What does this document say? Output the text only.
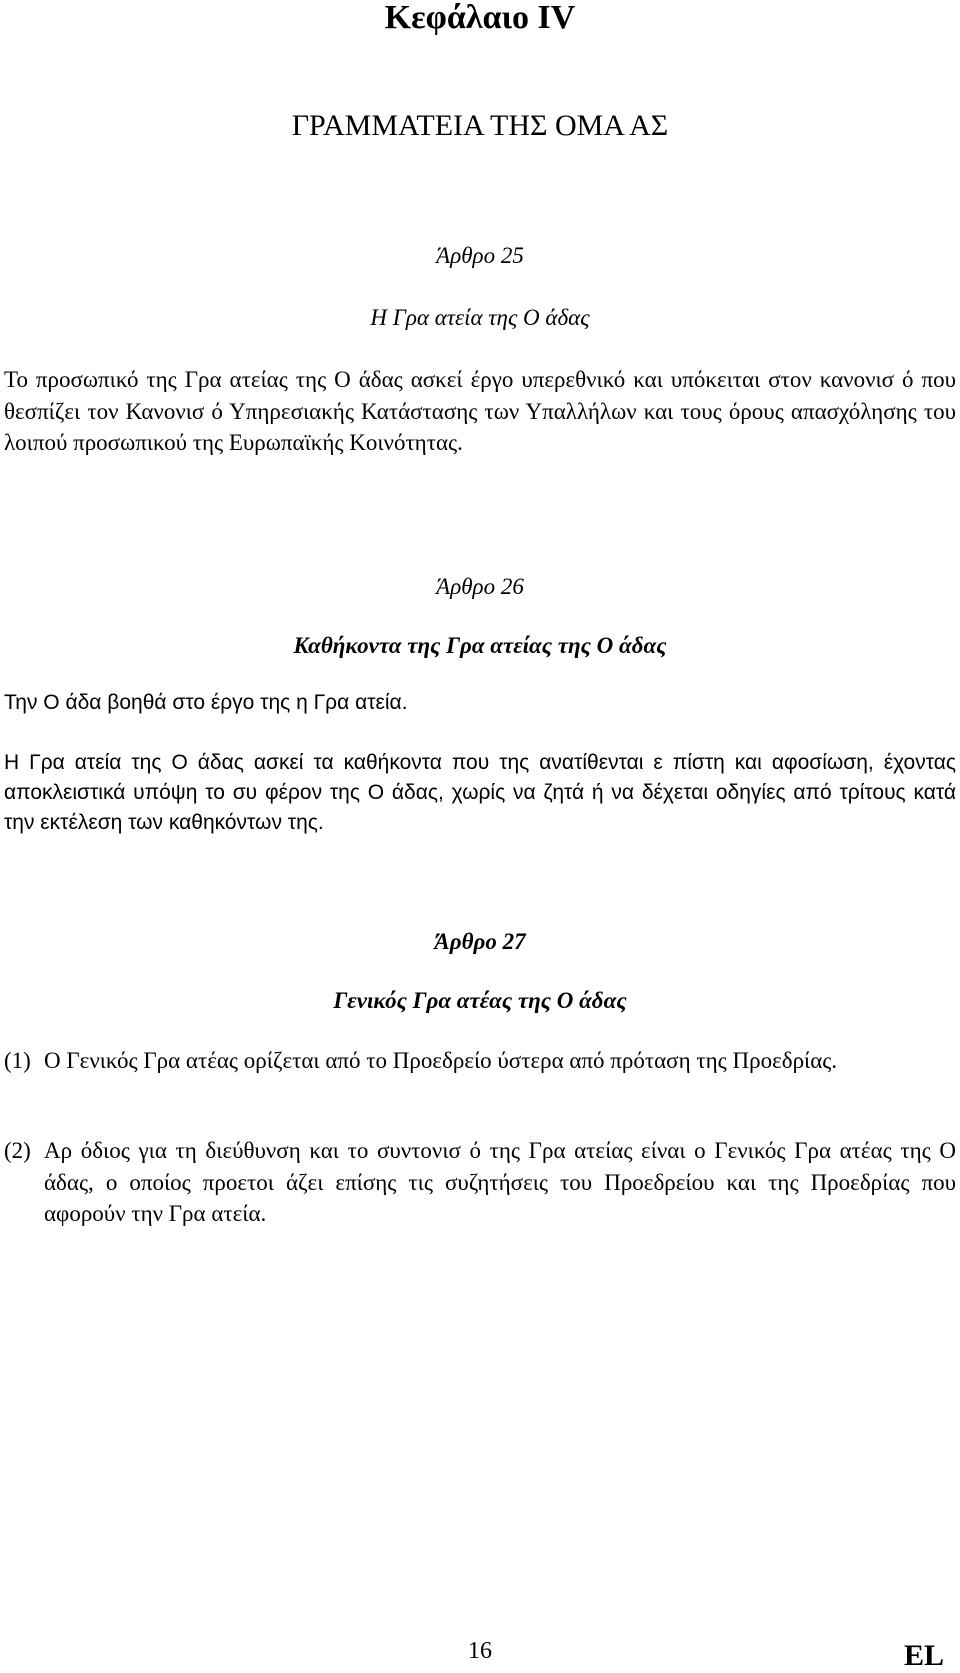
Κεφάλαιο IV
ΓΡΑΜΜΑΤΕΙΑ ΤΗΣ ΟΜΑ ΑΣ
Άρθρο 25
Η Γρα ατεία της Ο άδας
Το προσωπικό της Γρα ατείας της Ο άδας ασκεί έργο υπερεθνικό και υπόκειται στον κανονισ ό που θεσπίζει τον Κανονισ ό Υπηρεσιακής Κατάστασης των Υπαλλήλων και τους όρους απασχόλησης του λοιπού προσωπικού της Ευρωπαϊκής Κοινότητας.
Άρθρο 26
Καθήκοντα της Γρα ατείας της Ο άδας
Την Ο άδα βοηθά στο έργο της η Γρα ατεία.
Η Γρα ατεία της Ο άδας ασκεί τα καθήκοντα που της ανατίθενται ε πίστη και αφοσίωση, έχοντας αποκλειστικά υπόψη το συ φέρον της Ο άδας, χωρίς να ζητά ή να δέχεται οδηγίες από τρίτους κατά την εκτέλεση των καθηκόντων της.
Άρθρο 27
Γενικός Γρα ατέας της Ο άδας
(1) Ο Γενικός Γρα ατέας ορίζεται από το Προεδρείο ύστερα από πρόταση της Προεδρίας.
(2) Αρ όδιος για τη διεύθυνση και το συντονισ ό της Γρα ατείας είναι ο Γενικός Γρα ατέας της Ο άδας, ο οποίος προετοι άζει επίσης τις συζητήσεις του Προεδρείου και της Προεδρίας που αφορούν την Γρα ατεία.
16	EL
